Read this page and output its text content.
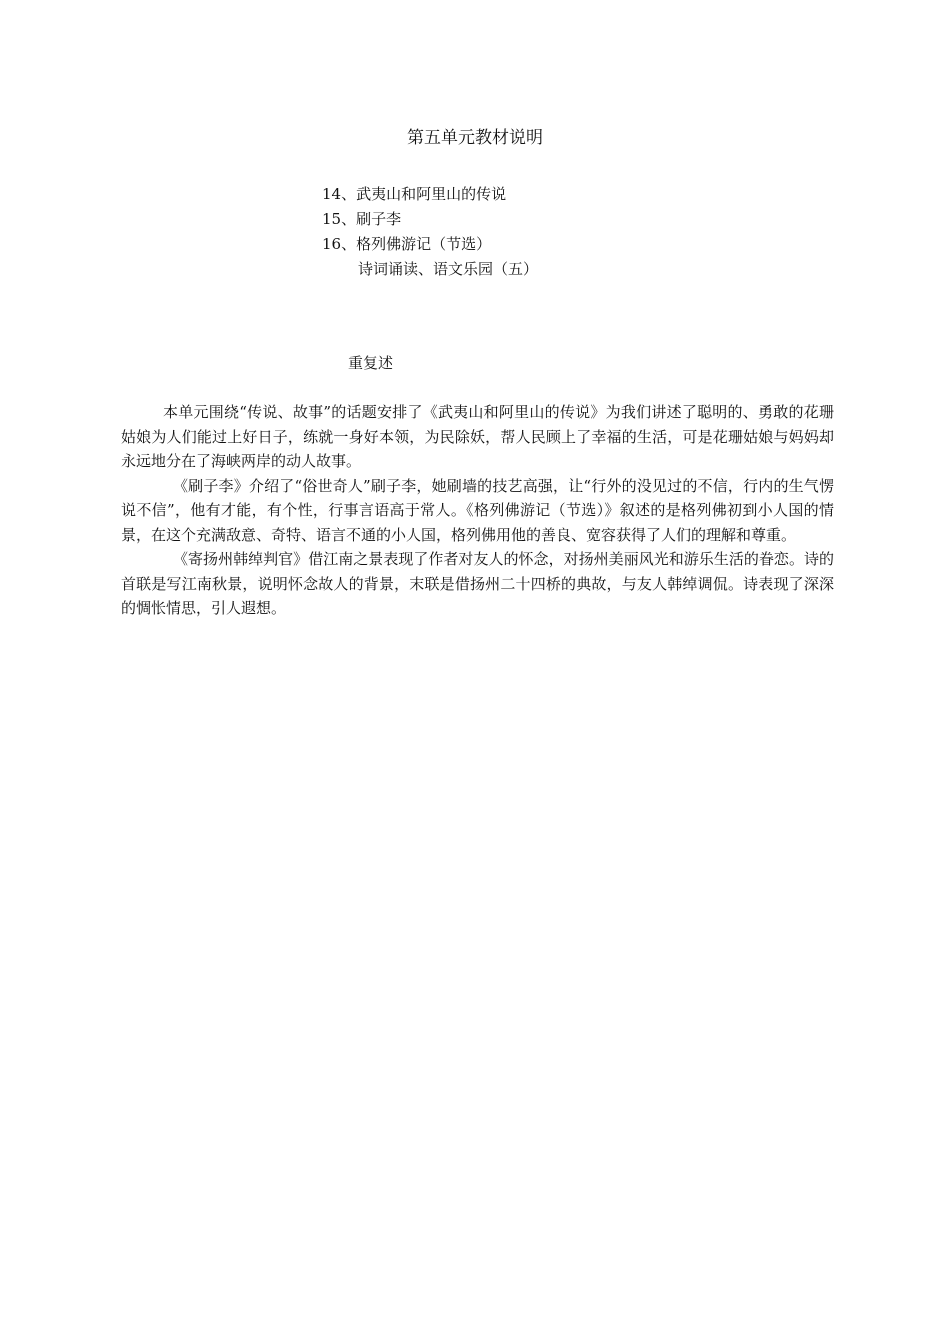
第五单元教材说明
14、武夷山和阿里山的传说
15、刷子李
16、格列佛游记（节选）
诗词诵读、语文乐园（五）
重复述

本单元围绕“传说、故事”的话题安排了《武夷山和阿里山的传说》为我们讲述了聪明的、勇敢的花珊姑娘为人们能过上好日子，练就一身好本领，为民除妖，帮人民顾上了幸福的生活，可是花珊姑娘与妈妈却永远地分在了海峡两岸的动人故事。

《刷子李》介绍了“俗世奇人”刷子李，她刷墙的技艺高强，让“行外的没见过的不信，行内的生气愣说不信”，他有才能，有个性，行事言语高于常人。《格列佛游记（节选）》叙述的是格列佛初到小人国的情景，在这个充满敌意、奇特、语言不通的小人国，格列佛用他的善良、宽容获得了人们的理解和尊重。

《寄扬州韩绰判官》借江南之景表现了作者对友人的怀念，对扬州美丽风光和游乐生活的眷恋。诗的首联是写江南秋景，说明怀念故人的背景，末联是借扬州二十四桥的典故，与友人韩绰调侃。诗表现了深深的惆怅情思，引人遐想。
